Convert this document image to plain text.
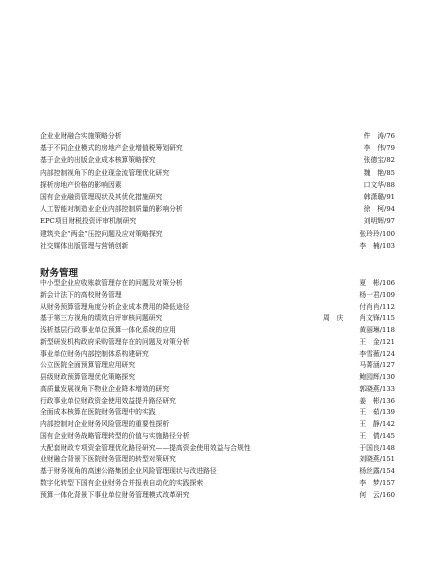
企业业财融合实施策略分析	件　涛/76
基于不同企业模式的房地产企业增值税筹划研究	李　伟/79
基于企业的出版企业成本核算策略探究	张德宝/82
内部控制视角下的企业现金流管理优化研究	魏　艳/85
探析房地产价格的影响因素	口文华/88
国有企业融资管理现状及其优化措施研究	韩潇璐/91
人工智能对制造业企业内部控制质量的影响分析	徐　柯/94
EPC项目财税投资评审机制研究	刘明辉/97
建筑央企“两金”压控问题及应对策略探究	张玲玲/100
社交媒体出版管理与营销创新	李　楠/103
财务管理
中小型企业应收账款管理存在的问题及对策分析	夏　彬/106
新会计法下的高校财务管理	杨一君/109
从财务预算管理角度分析企业成本费用的降低途径	付肖肖/112
基于第三方视角的绩效自评审核问题研究	周　庆 肖文锋/115
浅析基层行政事业单位预算一体化系统的应用	黄丽琳/118
新型研发机构政府采购管理存在的问题及对策分析	王　金/121
事业单位财务内部控制体系构建研究	李雪薇/124
公立医院全面预算管理应用研究	马菁涵/127
县级财政预算管理优化策略探究	鲍园辉/130
高质量发展视角下物业企业降本增效的研究	郭晓燕/133
行政事业单位财政资金使用效益提升路径研究	姜　彬/136
全面成本核算在医院财务管理中的实践	王　茹/139
内部控制对企业财务风险管理的重要性探析	王　静/142
国有企业财务战略管理转型的价值与实施路径分析	王　倩/145
大配套财政专项资金管理优化路径研究——提高资金使用效益与合规性	于国良/148
业财融合背景下医院财务管理的转型对策研究	刘晓燕/151
基于财务视角的高速公路集团企业风险管理现状与改进路径	杨丝露/154
数字化转型下国有企业财务合并报表自动化的实践探索	李　梦/157
预算一体化背景下事业单位财务管理模式改革研究	何　云/160
